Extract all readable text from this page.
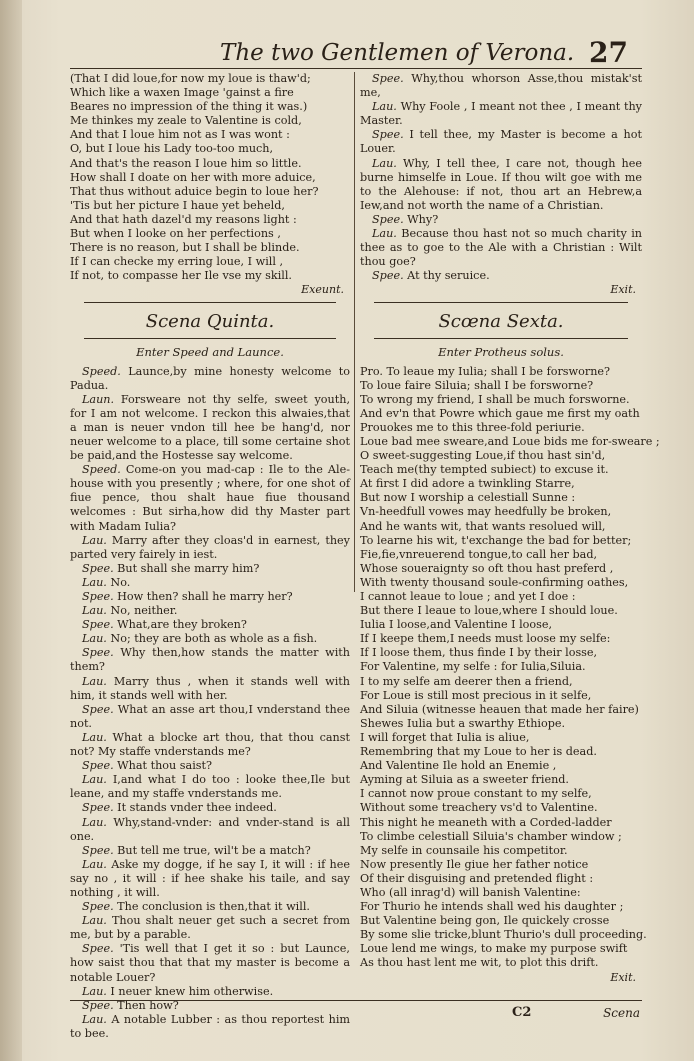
The two Gentlemen of Verona. 27
(That I did loue,for now my loue is thaw'd;
Which like a waxen Image 'gainst a fire
Beares no impression of the thing it was.)
Me thinkes my zeale to Valentine is cold,
And that I loue him not as I was wont :
O, but I loue his Lady too-too much,
And that's the reason I loue him so little.
How shall I doate on her with more aduice,
That thus without aduice begin to loue her?
'Tis but her picture I haue yet beheld,
And that hath dazel'd my reasons light :
But when I looke on her perfections ,
There is no reason, but I shall be blinde.
If I can checke my erring loue, I will ,
If not, to compasse her Ile vse my skill.
Exeunt.
Scena Quinta.
Enter Speed and Launce.
Speed. Launce,by mine honesty welcome to Padua.
Laun. Forsweare not thy selfe, sweet youth, for I am not welcome. I reckon this alwaies,that a man is neuer vndon till hee be hang'd, nor neuer welcome to a place, till some certaine shot be paid,and the Hostesse say welcome.
Speed. Come-on you mad-cap : Ile to the Ale-house with you presently ; where, for one shot of fiue pence, thou shalt haue fiue thousand welcomes : But sirha,how did thy Master part with Madam Iulia?
Lau. Marry after they cloas'd in earnest, they parted very fairely in iest.
Spee. But shall she marry him?
Lau. No.
Spee. How then? shall he marry her?
Lau. No, neither.
Spee. What,are they broken?
Lau. No; they are both as whole as a fish.
Spee. Why then,how stands the matter with them?
Lau. Marry thus , when it stands well with him, it stands well with her.
Spee. What an asse art thou,I vnderstand thee not.
Lau. What a blocke art thou, that thou canst not? My staffe vnderstands me?
Spee. What thou saist?
Lau. I,and what I do too : looke thee,Ile but leane, and my staffe vnderstands me.
Spee. It stands vnder thee indeed.
Lau. Why,stand-vnder: and vnder-stand is all one.
Spee. But tell me true, wil't be a match?
Lau. Aske my dogge, if he say I, it will : if hee say no , it will : if hee shake his taile, and say nothing , it will.
Spee. The conclusion is then,that it will.
Lau. Thou shalt neuer get such a secret from me, but by a parable.
Spee. 'Tis well that I get it so : but Launce, how saist thou that that my master is become a notable Louer?
Lau. I neuer knew him otherwise.
Spee. Then how?
Lau. A notable Lubber : as thou reportest him to bee.
Spee. Why,thou whorson Asse,thou mistak'st me,
Lau. Why Foole , I meant not thee , I meant thy Master.
Spee. I tell thee, my Master is become a hot Louer.
Lau. Why, I tell thee, I care not, though hee burne himselfe in Loue. If thou wilt goe with me to the Alehouse: if not, thou art an Hebrew,a Iew,and not worth the name of a Christian.
Spee. Why?
Lau. Because thou hast not so much charity in thee as to goe to the Ale with a Christian : Wilt thou goe?
Spee. At thy seruice.
Exit.
Scœna Sexta.
Enter Protheus solus.
Pro. To leaue my Iulia; shall I be forsworne?
To loue faire Siluia; shall I be forsworne?
To wrong my friend, I shall be much forsworne.
And ev'n that Powre which gaue me first my oath
Prouokes me to this three-fold periurie.
Loue bad mee sweare,and Loue bids me for-sweare ;
O sweet-suggesting Loue,if thou hast sin'd,
Teach me(thy tempted subiect) to excuse it.
At first I did adore a twinkling Starre,
But now I worship a celestiall Sunne :
Vn-heedfull vowes may heedfully be broken,
And he wants wit, that wants resolued will,
To learne his wit, t'exchange the bad for better;
Fie,fie,vnreuerend tongue,to call her bad,
Whose soueraignty so oft thou hast preferd ,
With twenty thousand soule-confirming oathes,
I cannot leaue to loue ; and yet I doe :
But there I leaue to loue,where I should loue.
Iulia I loose,and Valentine I loose,
If I keepe them,I needs must loose my selfe:
If I loose them, thus finde I by their losse,
For Valentine, my selfe : for Iulia,Siluia.
I to my selfe am deerer then a friend,
For Loue is still most precious in it selfe,
And Siluia (witnesse heauen that made her faire)
Shewes Iulia but a swarthy Ethiope.
I will forget that Iulia is aliue,
Remembring that my Loue to her is dead.
And Valentine Ile hold an Enemie ,
Ayming at Siluia as a sweeter friend.
I cannot now proue constant to my selfe,
Without some treachery vs'd to Valentine.
This night he meaneth with a Corded-ladder
To climbe celestiall Siluia's chamber window ;
My selfe in counsaile his competitor.
Now presently Ile giue her father notice
Of their disguising and pretended flight :
Who (all inrag'd) will banish Valentine:
For Thurio he intends shall wed his daughter ;
But Valentine being gon, Ile quickely crosse
By some slie tricke,blunt Thurio's dull proceeding.
Loue lend me wings, to make my purpose swift
As thou hast lent me wit, to plot this drift.
Exit.
C2	Scena
